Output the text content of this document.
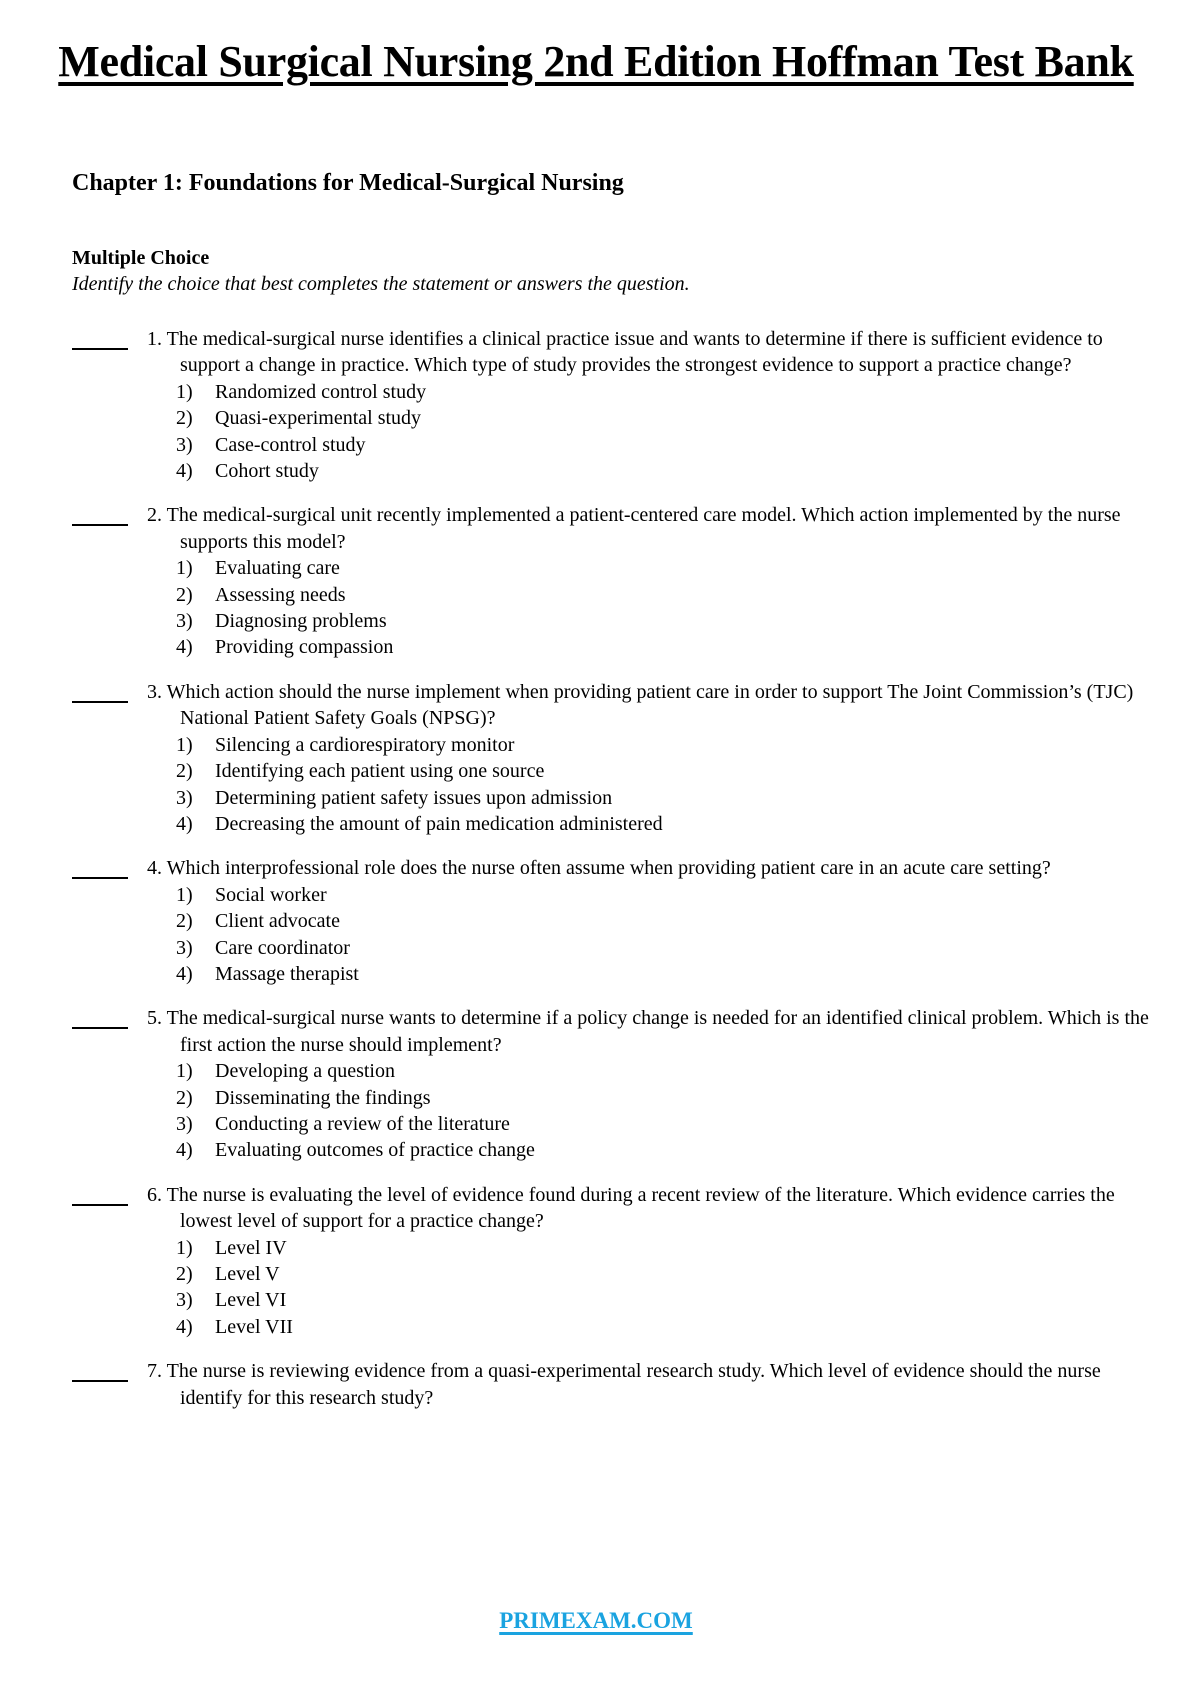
Medical Surgical Nursing 2nd Edition Hoffman Test Bank
Chapter 1: Foundations for Medical-Surgical Nursing
Multiple Choice
Identify the choice that best completes the statement or answers the question.
1. The medical-surgical nurse identifies a clinical practice issue and wants to determine if there is sufficient evidence to support a change in practice. Which type of study provides the strongest evidence to support a practice change?
1)	Randomized control study
2)	Quasi-experimental study
3)	Case-control study
4)	Cohort study
2. The medical-surgical unit recently implemented a patient-centered care model. Which action implemented by the nurse supports this model?
1)	Evaluating care
2)	Assessing needs
3)	Diagnosing problems
4)	Providing compassion
3. Which action should the nurse implement when providing patient care in order to support The Joint Commission’s (TJC) National Patient Safety Goals (NPSG)?
1)	Silencing a cardiorespiratory monitor
2)	Identifying each patient using one source
3)	Determining patient safety issues upon admission
4)	Decreasing the amount of pain medication administered
4. Which interprofessional role does the nurse often assume when providing patient care in an acute care setting?
1)	Social worker
2)	Client advocate
3)	Care coordinator
4)	Massage therapist
5. The medical-surgical nurse wants to determine if a policy change is needed for an identified clinical problem. Which is the first action the nurse should implement?
1)	Developing a question
2)	Disseminating the findings
3)	Conducting a review of the literature
4)	Evaluating outcomes of practice change
6. The nurse is evaluating the level of evidence found during a recent review of the literature. Which evidence carries the lowest level of support for a practice change?
1)	Level IV
2)	Level V
3)	Level VI
4)	Level VII
7. The nurse is reviewing evidence from a quasi-experimental research study. Which level of evidence should the nurse identify for this research study?
PRIMEXAM.COM
